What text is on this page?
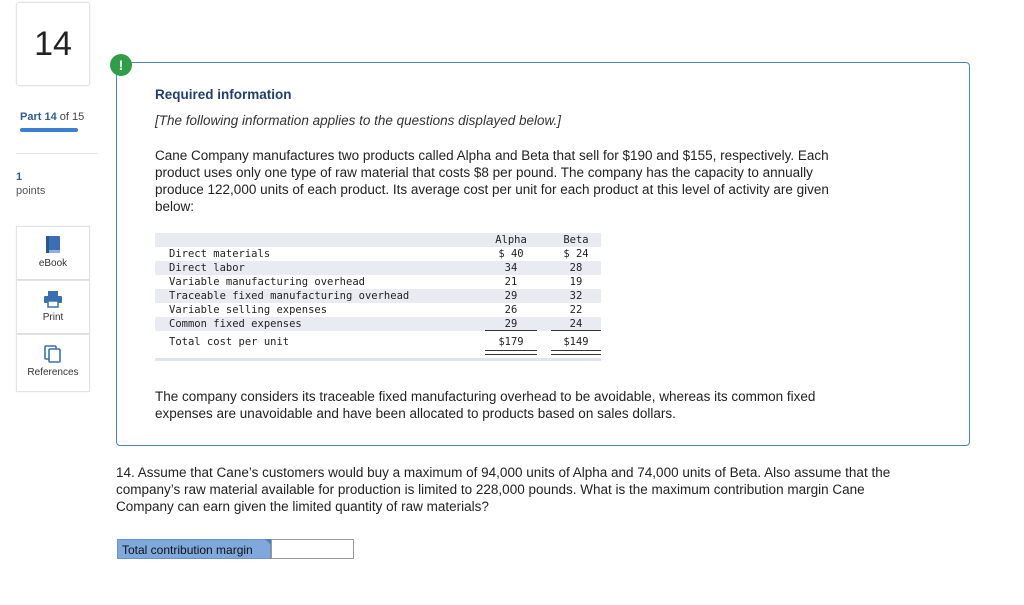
14
Part 14 of 15
1
points
eBook
Print
References
!
Required information
[The following information applies to the questions displayed below.]
Cane Company manufactures two products called Alpha and Beta that sell for $190 and $155, respectively. Each
product uses only one type of raw material that costs $8 per pound. The company has the capacity to annually
produce 122,000 units of each product. Its average cost per unit for each product at this level of activity are given
below:
Alpha	Beta
Direct materials	$ 40	$ 24
Direct labor	34	28
Variable manufacturing overhead	21	19
Traceable fixed manufacturing overhead	29	32
Variable selling expenses	26	22
Common fixed expenses	29	24
Total cost per unit	$179	$149
The company considers its traceable fixed manufacturing overhead to be avoidable, whereas its common fixed
expenses are unavoidable and have been allocated to products based on sales dollars.
14. Assume that Cane’s customers would buy a maximum of 94,000 units of Alpha and 74,000 units of Beta. Also assume that the
company’s raw material available for production is limited to 228,000 pounds. What is the maximum contribution margin Cane
Company can earn given the limited quantity of raw materials?
Total contribution margin
